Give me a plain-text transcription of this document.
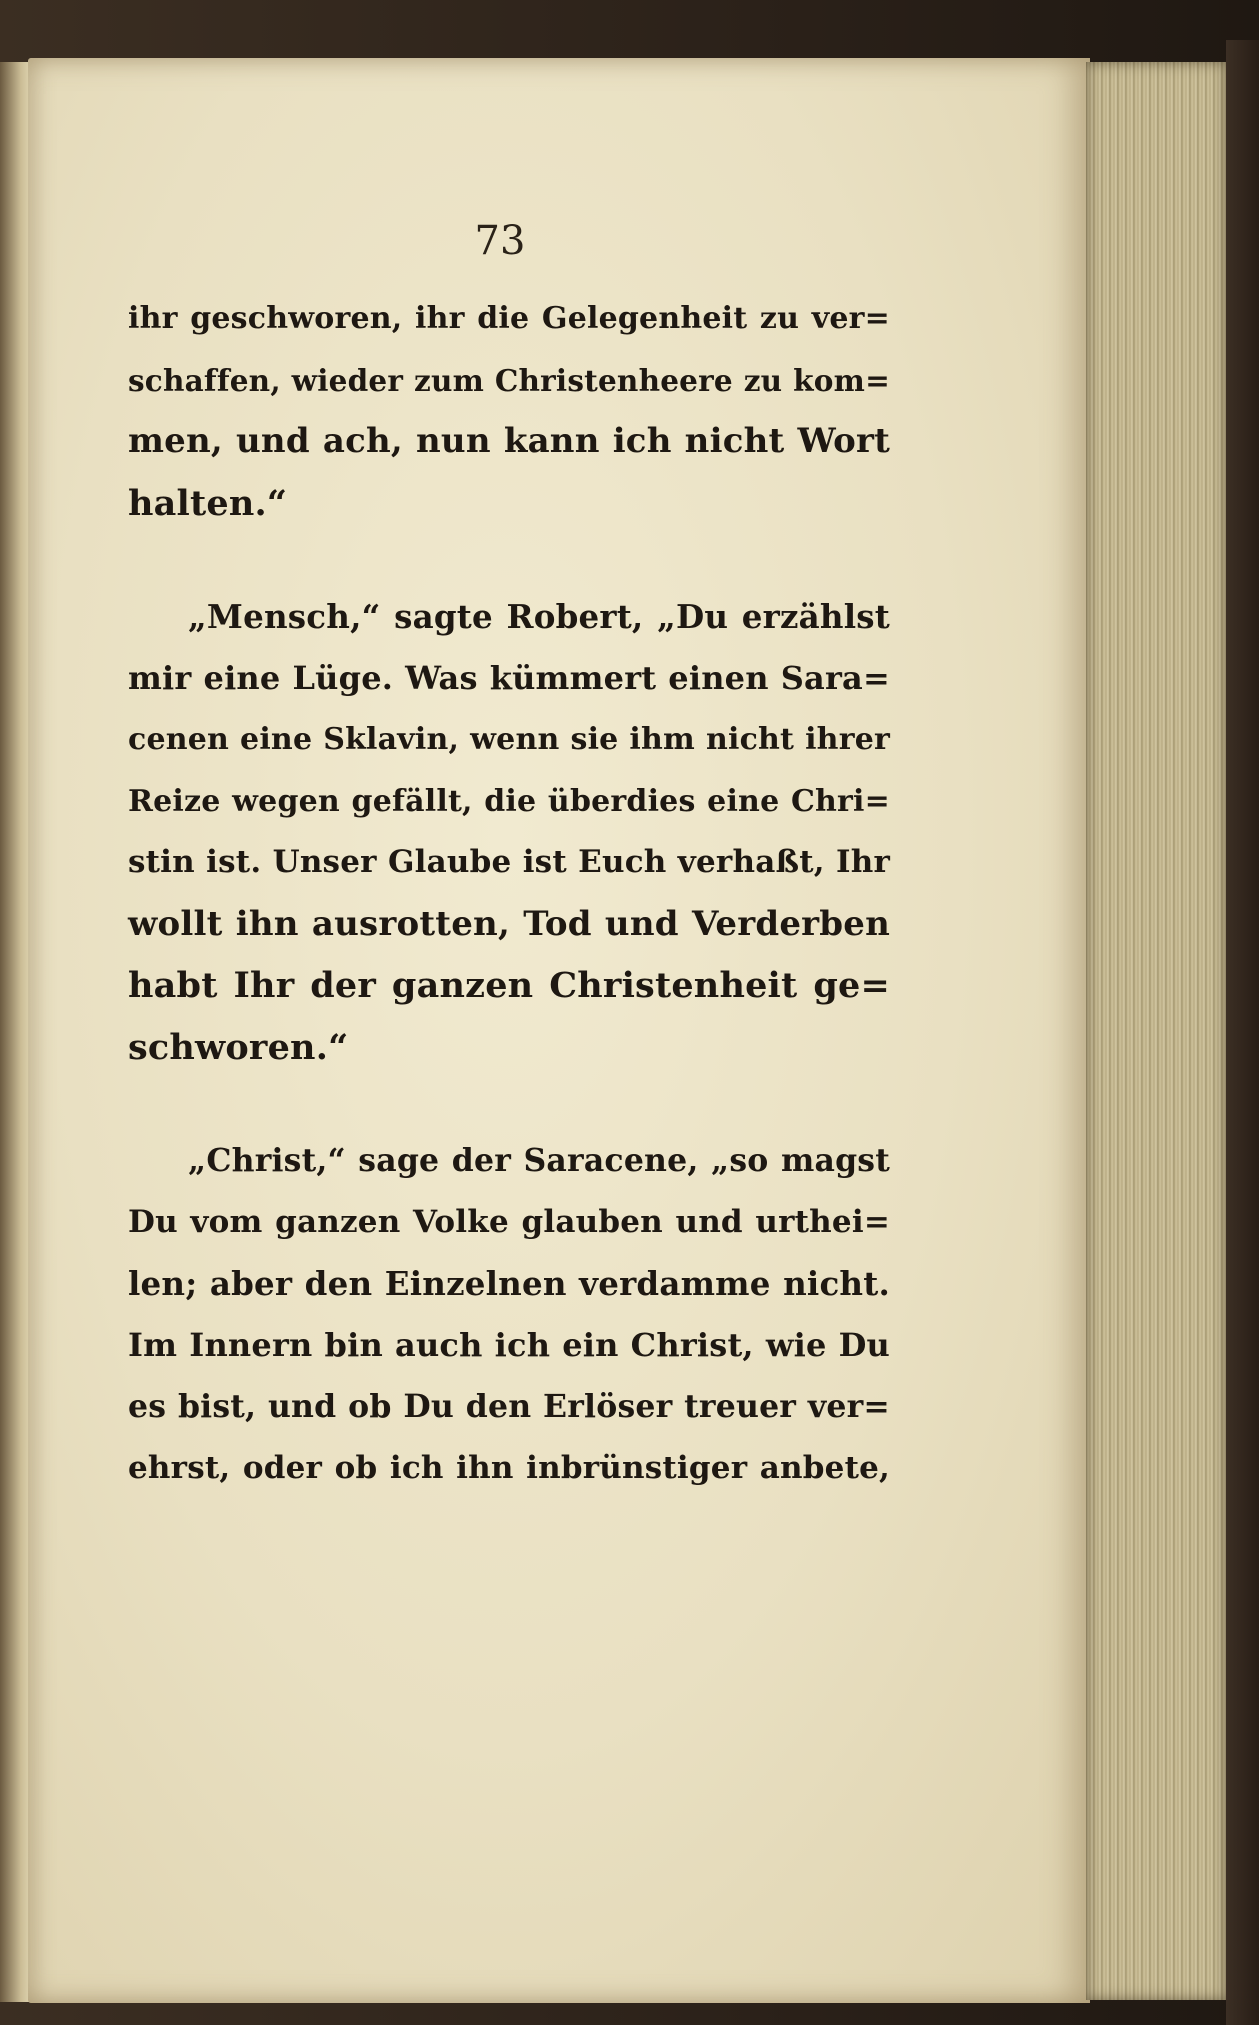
73
ihr geschworen, ihr die Gelegenheit zu ver=
schaffen, wieder zum Christenheere zu kom=
men, und ach, nun kann ich nicht Wort
halten.“
„Mensch,“ sagte Robert, „Du erzählst
mir eine Lüge. Was kümmert einen Sara=
cenen eine Sklavin, wenn sie ihm nicht ihrer
Reize wegen gefällt, die überdies eine Chri=
stin ist. Unser Glaube ist Euch verhaßt, Ihr
wollt ihn ausrotten, Tod und Verderben
habt Ihr der ganzen Christenheit ge=
schworen.“
„Christ,“ sage der Saracene, „so magst
Du vom ganzen Volke glauben und urthei=
len; aber den Einzelnen verdamme nicht.
Im Innern bin auch ich ein Christ, wie Du
es bist, und ob Du den Erlöser treuer ver=
ehrst, oder ob ich ihn inbrünstiger anbete,
